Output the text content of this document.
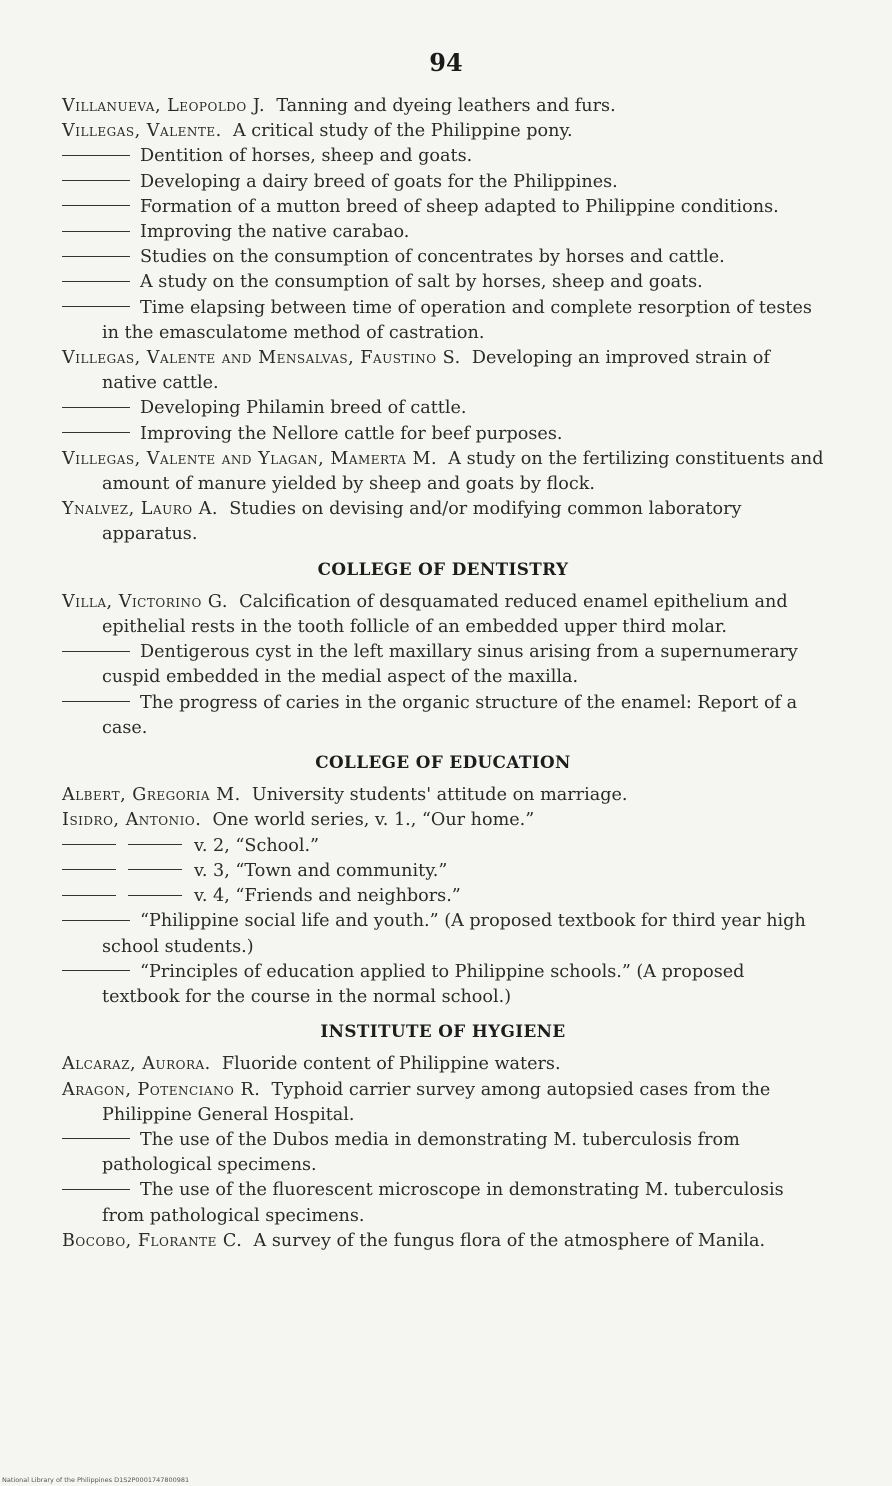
94

Villanueva, Leopoldo J. Tanning and dyeing leathers and furs.

Villegas, Valente. A critical study of the Philippine pony.

Dentition of horses, sheep and goats.

Developing a dairy breed of goats for the Philippines.

Formation of a mutton breed of sheep adapted to Philippine conditions.

Improving the native carabao.

Studies on the consumption of concentrates by horses and cattle.

A study on the consumption of salt by horses, sheep and goats.

Time elapsing between time of operation and complete resorption of testes in the emasculatome method of castration.

Villegas, Valente and Mensalvas, Faustino S. Developing an improved strain of native cattle.

Developing Philamin breed of cattle.

Improving the Nellore cattle for beef purposes.

Villegas, Valente and Ylagan, Mamerta M. A study on the fertilizing constituents and amount of manure yielded by sheep and goats by flock.

Ynalvez, Lauro A. Studies on devising and/or modifying common laboratory apparatus.

COLLEGE OF DENTISTRY

Villa, Victorino G. Calcification of desquamated reduced enamel epithelium and epithelial rests in the tooth follicle of an embedded upper third molar.

Dentigerous cyst in the left maxillary sinus arising from a supernumerary cuspid embedded in the medial aspect of the maxilla.

The progress of caries in the organic structure of the enamel: Report of a case.

COLLEGE OF EDUCATION

Albert, Gregoria M. University students' attitude on marriage.

Isidro, Antonio. One world series, v. 1., “Our home.”

v. 2, “School.”

v. 3, “Town and community.”

v. 4, “Friends and neighbors.”

“Philippine social life and youth.” (A proposed textbook for third year high school students.)

“Principles of education applied to Philippine schools.” (A proposed textbook for the course in the normal school.)

INSTITUTE OF HYGIENE

Alcaraz, Aurora. Fluoride content of Philippine waters.

Aragon, Potenciano R. Typhoid carrier survey among autopsied cases from the Philippine General Hospital.

The use of the Dubos media in demonstrating M. tuberculosis from pathological specimens.

The use of the fluorescent microscope in demonstrating M. tuberculosis from pathological specimens.

Bocobo, Florante C. A survey of the fungus flora of the atmosphere of Manila.

National Library of the Philippines D1S2P0001747800981
